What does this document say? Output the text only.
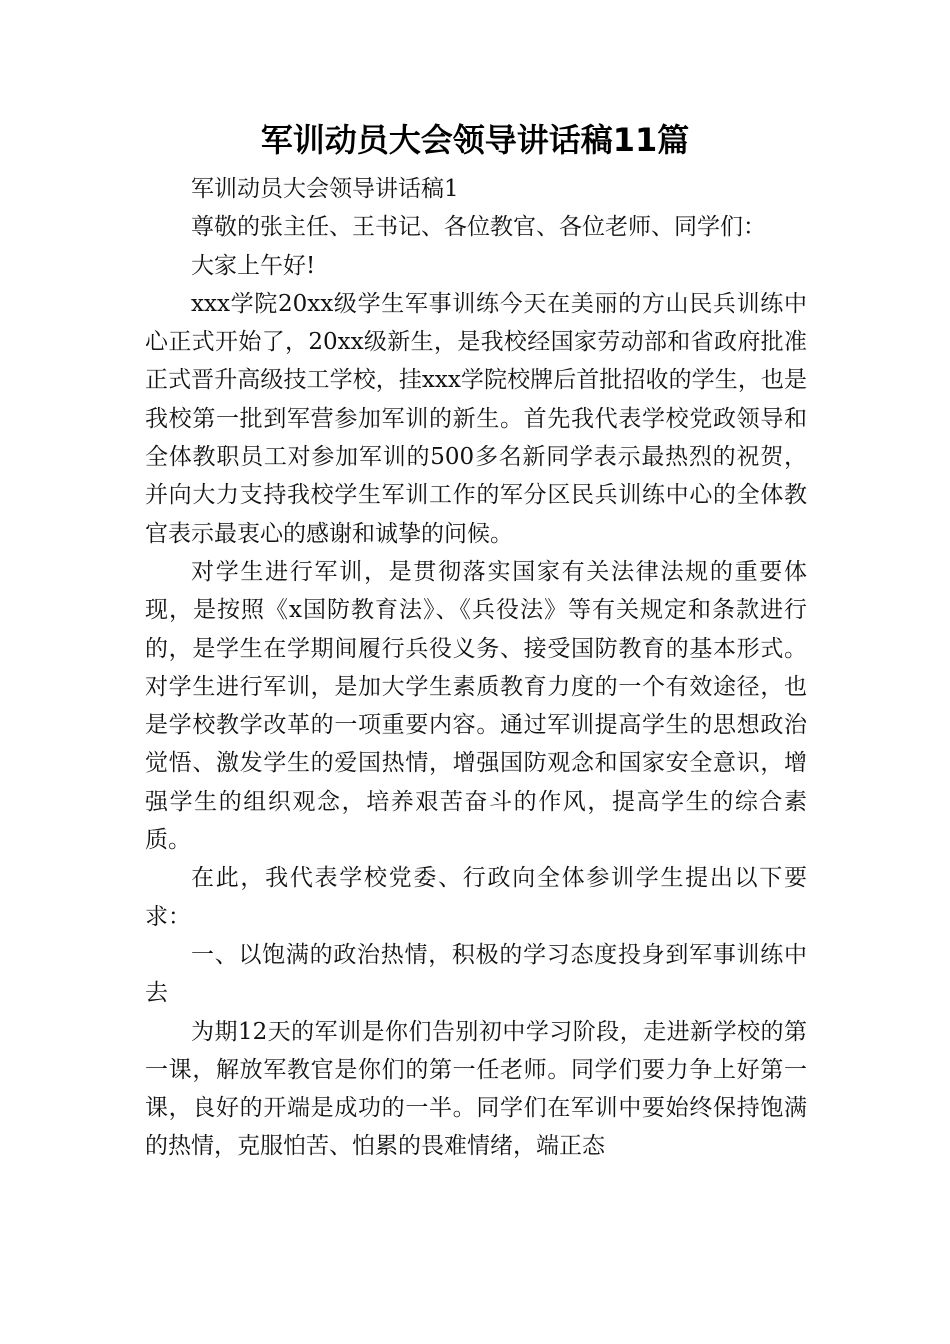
军训动员大会领导讲话稿11篇

军训动员大会领导讲话稿1

尊敬的张主任、王书记、各位教官、各位老师、同学们：

大家上午好!

xxx学院20xx级学生军事训练今天在美丽的方山民兵训练中心正式开始了，20xx级新生，是我校经国家劳动部和省政府批准正式晋升高级技工学校，挂xxx学院校牌后首批招收的学生，也是我校第一批到军营参加军训的新生。首先我代表学校党政领导和全体教职员工对参加军训的500多名新同学表示最热烈的祝贺，并向大力支持我校学生军训工作的军分区民兵训练中心的全体教官表示最衷心的感谢和诚挚的问候。

对学生进行军训，是贯彻落实国家有关法律法规的重要体现，是按照《x国防教育法》、《兵役法》等有关规定和条款进行的，是学生在学期间履行兵役义务、接受国防教育的基本形式。对学生进行军训，是加大学生素质教育力度的一个有效途径，也是学校教学改革的一项重要内容。通过军训提高学生的思想政治觉悟、激发学生的爱国热情，增强国防观念和国家安全意识，增强学生的组织观念，培养艰苦奋斗的作风，提高学生的综合素质。

在此，我代表学校党委、行政向全体参训学生提出以下要求：

一、以饱满的政治热情，积极的学习态度投身到军事训练中去

为期12天的军训是你们告别初中学习阶段，走进新学校的第一课，解放军教官是你们的第一任老师。同学们要力争上好第一课，良好的开端是成功的一半。同学们在军训中要始终保持饱满的热情，克服怕苦、怕累的畏难情绪，端正态
